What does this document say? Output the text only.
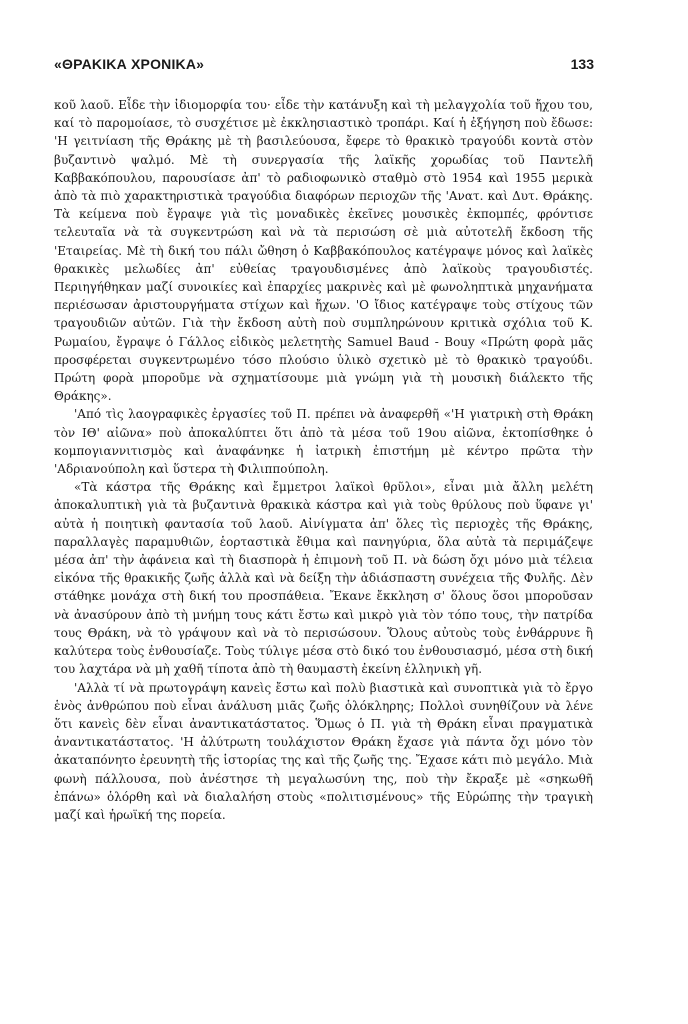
«ΘΡΑΚΙΚΑ ΧΡΟΝΙΚΑ»	133

κοῦ λαοῦ. Εἶδε τὴν ἰδιομορφία του· εἶδε τὴν κατάνυξη καὶ τὴ μελαγχολία τοῦ ἤχου του, καί τὸ παρομοίασε, τὸ συσχέτισε μὲ ἐκκλησιαστικὸ τροπάρι. Καί ἡ ἐξήγηση ποὺ ἔδωσε: 'Η γειτνίαση τῆς Θράκης μὲ τὴ βασιλεύουσα, ἔφερε τὸ θρακικὸ τραγούδι κοντὰ στὸν βυζαντινὸ ψαλμό. Μὲ τὴ συνεργασία τῆς λαϊκῆς χορωδίας τοῦ Παντελῆ Καββακόπουλου, παρουσίασε ἀπ' τὸ ραδιοφωνικὸ σταθμὸ στὸ 1954 καὶ 1955 μερικὰ ἀπὸ τὰ πιὸ χαρακτηριστικὰ τραγούδια διαφόρων περιοχῶν τῆς 'Ανατ. καὶ Δυτ. Θράκης. Τὰ κείμενα ποὺ ἔγραψε γιὰ τὶς μοναδικὲς ἐκεῖνες μουσικὲς ἐκπομπές, φρόντισε τελευταῖα νὰ τὰ συγκεντρώση καὶ νὰ τὰ περισώση σὲ μιὰ αὐτοτελῆ ἔκδοση τῆς 'Εταιρείας. Μὲ τὴ δική του πάλι ὤθηση ὁ Καββακόπουλος κατέγραψε μόνος καὶ λαϊκὲς θρακικὲς μελωδίες ἀπ' εὐθείας τραγουδισμένες ἀπὸ λαϊκοὺς τραγουδιστές. Περιηγήθηκαν μαζί συνοικίες καὶ ἐπαρχίες μακρινὲς καὶ μὲ φωνοληπτικὰ μηχανήματα περιέσωσαν ἀριστουργήματα στίχων καὶ ἤχων. 'Ο ἴδιος κατέγραψε τοὺς στίχους τῶν τραγουδιῶν αὐτῶν. Γιὰ τὴν ἔκδοση αὐτὴ ποὺ συμπληρώνουν κριτικὰ σχόλια τοῦ Κ. Ρωμαίου, ἔγραψε ὁ Γάλλος εἰδικὸς μελετητὴς Samuel Baud - Bouy «Πρώτη φορὰ μᾶς προσφέρεται συγκεντρωμένο τόσο πλούσιο ὑλικὸ σχετικὸ μὲ τὸ θρακικὸ τραγούδι. Πρώτη φορὰ μποροῦμε νὰ σχηματίσουμε μιὰ γνώμη γιὰ τὴ μουσικὴ διάλεκτο τῆς Θράκης».

'Από τὶς λαογραφικὲς ἐργασίες τοῦ Π. πρέπει νὰ ἀναφερθῆ «'Η γιατρικὴ στὴ Θράκη τὸν ΙΘ' αἰῶνα» ποὺ ἀποκαλύπτει ὅτι ἀπὸ τὰ μέσα τοῦ 19ου αἰῶνα, ἐκτοπίσθηκε ὁ κομπογιαννιτισμὸς καὶ ἀναφάνηκε ἡ ἰατρικὴ ἐπιστήμη μὲ κέντρο πρῶτα τὴν 'Αδριανούπολη καὶ ὕστερα τὴ Φιλιππούπολη.

«Τὰ κάστρα τῆς Θράκης καὶ ἔμμετροι λαϊκοὶ θρῦλοι», εἶναι μιὰ ἄλλη μελέτη ἀποκαλυπτικὴ γιὰ τὰ βυζαντινὰ θρακικὰ κάστρα καὶ γιὰ τοὺς θρύλους ποὺ ὕφανε γι' αὐτὰ ἡ ποιητικὴ φαντασία τοῦ λαοῦ. Αἰνίγματα ἀπ' ὅλες τὶς περιοχὲς τῆς Θράκης, παραλλαγὲς παραμυθιῶν, ἑορταστικὰ ἔθιμα καὶ πανηγύρια, ὅλα αὐτὰ τὰ περιμάζεψε μέσα ἀπ' τὴν ἀφάνεια καὶ τὴ διασπορὰ ἡ ἐπιμονὴ τοῦ Π. νὰ δώση ὄχι μόνο μιὰ τέλεια εἰκόνα τῆς θρακικῆς ζωῆς ἀλλὰ καὶ νὰ δείξη τὴν ἀδιάσπαστη συνέχεια τῆς Φυλῆς. Δὲν στάθηκε μονάχα στὴ δική του προσπάθεια. Ἔκανε ἔκκληση σ' ὅλους ὅσοι μποροῦσαν νὰ ἀνασύρουν ἀπὸ τὴ μνήμη τους κάτι ἔστω καὶ μικρὸ γιὰ τὸν τόπο τους, τὴν πατρίδα τους Θράκη, νὰ τὸ γράψουν καὶ νὰ τὸ περισώσουν. Ὅλους αὐτοὺς τοὺς ἐνθάρρυνε ἢ καλύτερα τοὺς ἐνθουσίαζε. Τοὺς τύλιγε μέσα στὸ δικό του ἐνθουσιασμό, μέσα στὴ δική του λαχτάρα νὰ μὴ χαθῆ τίποτα ἀπὸ τὴ θαυμαστὴ ἐκείνη ἑλληνικὴ γῆ.

'Αλλὰ τί νὰ πρωτογράψη κανεὶς ἔστω καὶ πολὺ βιαστικὰ καὶ συνοπτικὰ γιὰ τὸ ἔργο ἑνὸς ἀνθρώπου ποὺ εἶναι ἀνάλυση μιᾶς ζωῆς ὁλόκληρης; Πολλοὶ συνηθίζουν νὰ λένε ὅτι κανεὶς δὲν εἶναι ἀναντικατάστατος. Ὅμως ὁ Π. γιὰ τὴ Θράκη εἶναι πραγματικὰ ἀναντικατάστατος. 'Η ἀλύτρωτη τουλάχιστον Θράκη ἔχασε γιὰ πάντα ὄχι μόνο τὸν ἀκαταπόνητο ἐρευνητὴ τῆς ἱστορίας της καὶ τῆς ζωῆς της. Ἔχασε κάτι πιὸ μεγάλο. Μιὰ φωνὴ πάλλουσα, ποὺ ἀνέστησε τὴ μεγαλωσύνη της, ποὺ τὴν ἔκραξε μὲ «σηκωθῆ ἐπάνω» ὁλόρθη καὶ νὰ διαλαλήση στοὺς «πολιτισμένους» τῆς Εὐρώπης τὴν τραγικὴ μαζί καὶ ἡρωϊκή της πορεία.
